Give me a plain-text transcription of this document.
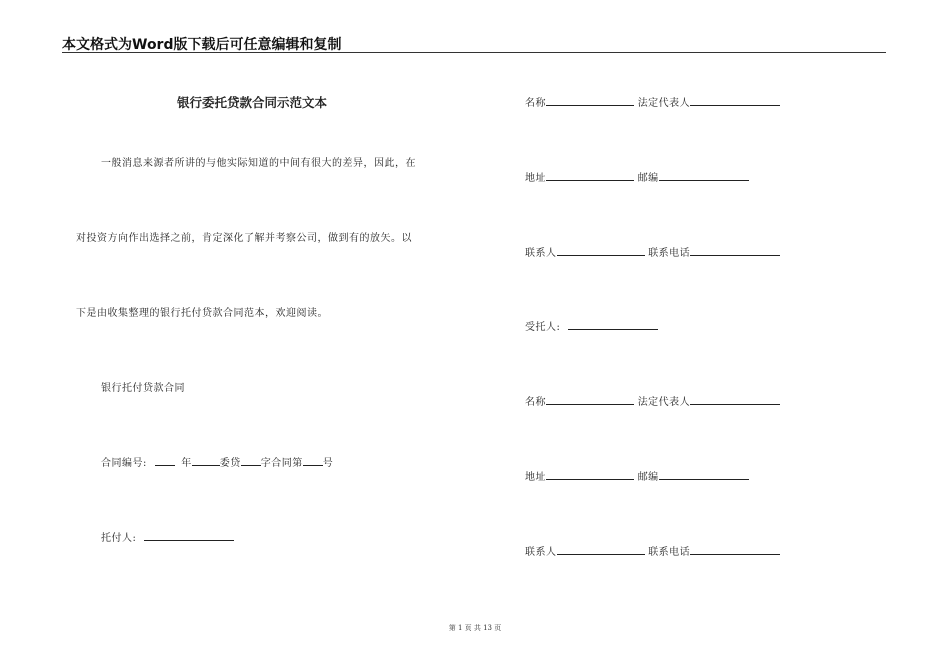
本文格式为Word版下载后可任意编辑和复制
银行委托贷款合同示范文本
一般消息来源者所讲的与他实际知道的中间有很大的差异，因此，在
对投资方向作出选择之前，肯定深化了解并考察公司，做到有的放矢。以
下是由收集整理的银行托付贷款合同范本，欢迎阅读。
银行托付贷款合同
合同编号:	年	委贷 字合同第 号
托付人:
名称	法定代表人
地址	邮编
联系人	联系电话
受托人:
名称	法定代表人
地址	邮编
联系人	联系电话
第 1 页 共 13 页
